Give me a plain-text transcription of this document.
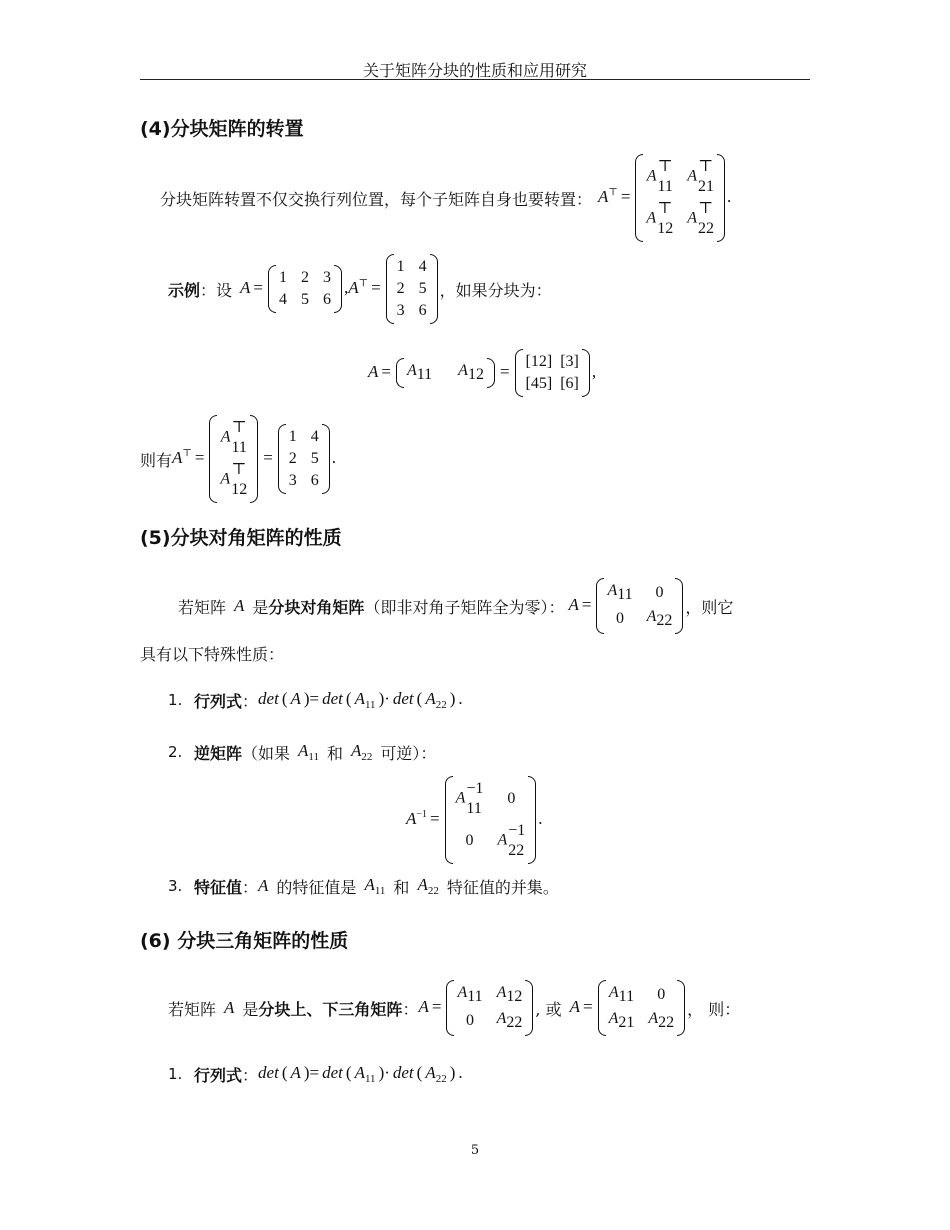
关于矩阵分块的性质和应用研究
(4)分块矩阵的转置
分块矩阵转置不仅交换行列位置，每个子矩阵自身也要转置： A⊤ =
A
⊤
11
A
⊤
21
A
⊤
12
A
⊤
22
.
示例 ：设 A =
1 2 3
4 5 6
,A⊤ =
1 4
2 5
3 6
，如果分块为：
A = A11 A12 =
[12] [3]
[45] [6]
,
则有 A⊤ =
A
⊤
11
A
⊤
12
=
1 4
2 5
3 6
.
(5)分块对角矩阵的性质
若矩阵 A 是 分块对角矩阵 （即非对角子矩阵全为零）： A =
A11 0
0 A22
，则它
具有以下特殊性质：
1. 行列式 ： det ( A )= det ( $A_{11}$ )· det ( $A_{22}$ ) .
2. 逆矩阵 （如果 $A_{11}$ 和 $A_{22}$ 可逆）：
$A^{-1}$ =
A
−1
11
0
0 A
−1
22
.
3. 特征值 ： A 的特征值是 $A_{11}$ 和 $A_{22}$ 特征值的并集。
(6) 分块三角矩阵的性质
若矩阵 A 是 分块上、下三角矩阵 ： A =
A11 A12
0 A22
, 或 A =
A11 0
A21 A22
， 则：
1. 行列式 ： det ( A )= det ( $A_{11}$ )· det ( $A_{22}$ ) .
5
